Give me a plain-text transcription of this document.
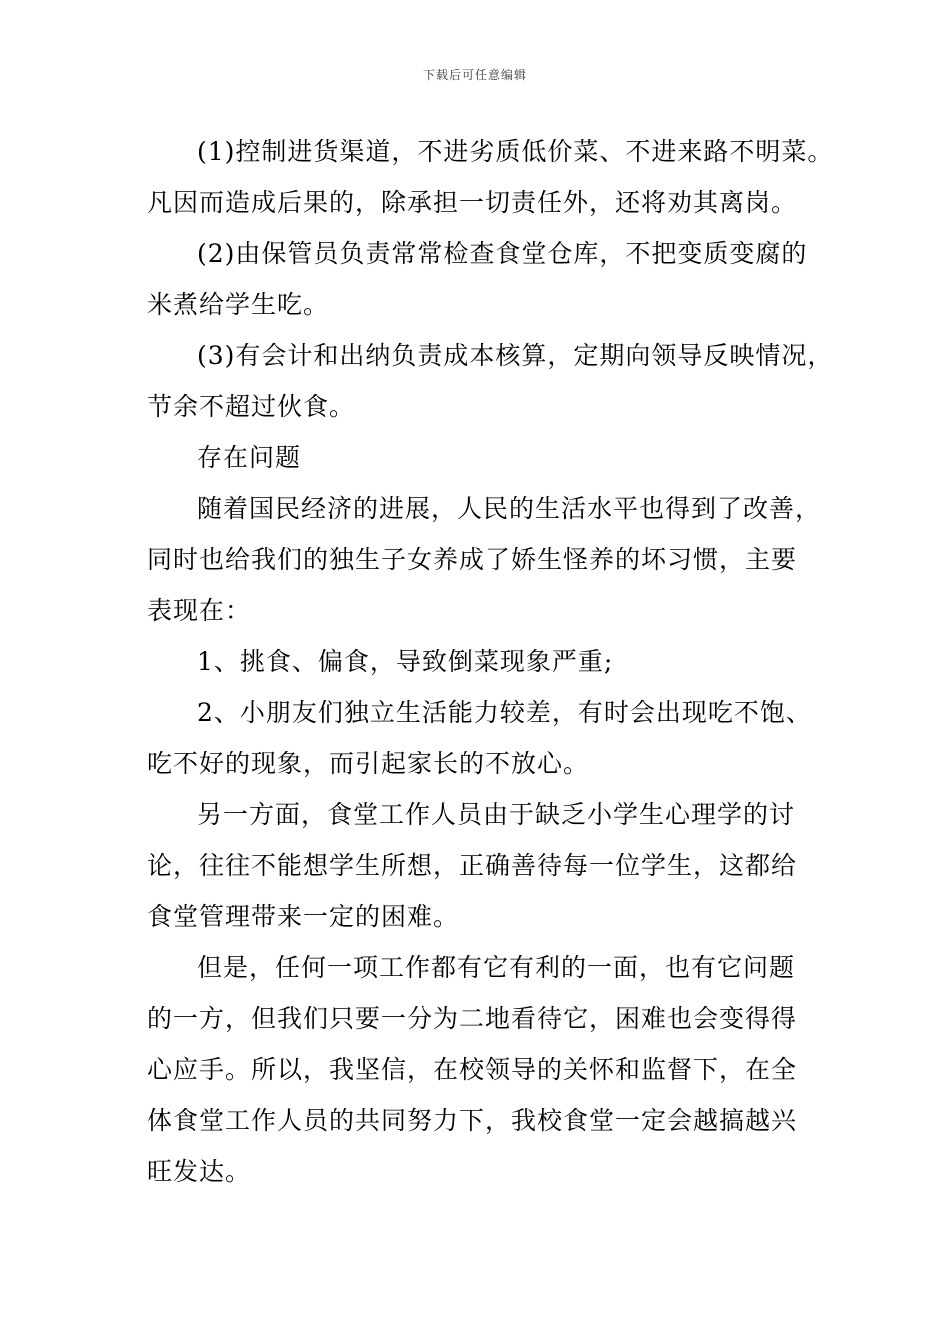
下载后可任意编辑
(1)控制进货渠道，不进劣质低价菜、不进来路不明菜。
凡因而造成后果的，除承担一切责任外，还将劝其离岗。
(2)由保管员负责常常检查食堂仓库，不把变质变腐的
米煮给学生吃。
(3)有会计和出纳负责成本核算，定期向领导反映情况，
节余不超过伙食。
存在问题
随着国民经济的进展，人民的生活水平也得到了改善，
同时也给我们的独生子女养成了娇生怪养的坏习惯，主要
表现在：
1、挑食、偏食，导致倒菜现象严重;
2、小朋友们独立生活能力较差，有时会出现吃不饱、
吃不好的现象，而引起家长的不放心。
另一方面，食堂工作人员由于缺乏小学生心理学的讨
论，往往不能想学生所想，正确善待每一位学生，这都给
食堂管理带来一定的困难。
但是，任何一项工作都有它有利的一面，也有它问题
的一方，但我们只要一分为二地看待它，困难也会变得得
心应手。所以，我坚信，在校领导的关怀和监督下，在全
体食堂工作人员的共同努力下，我校食堂一定会越搞越兴
旺发达。
